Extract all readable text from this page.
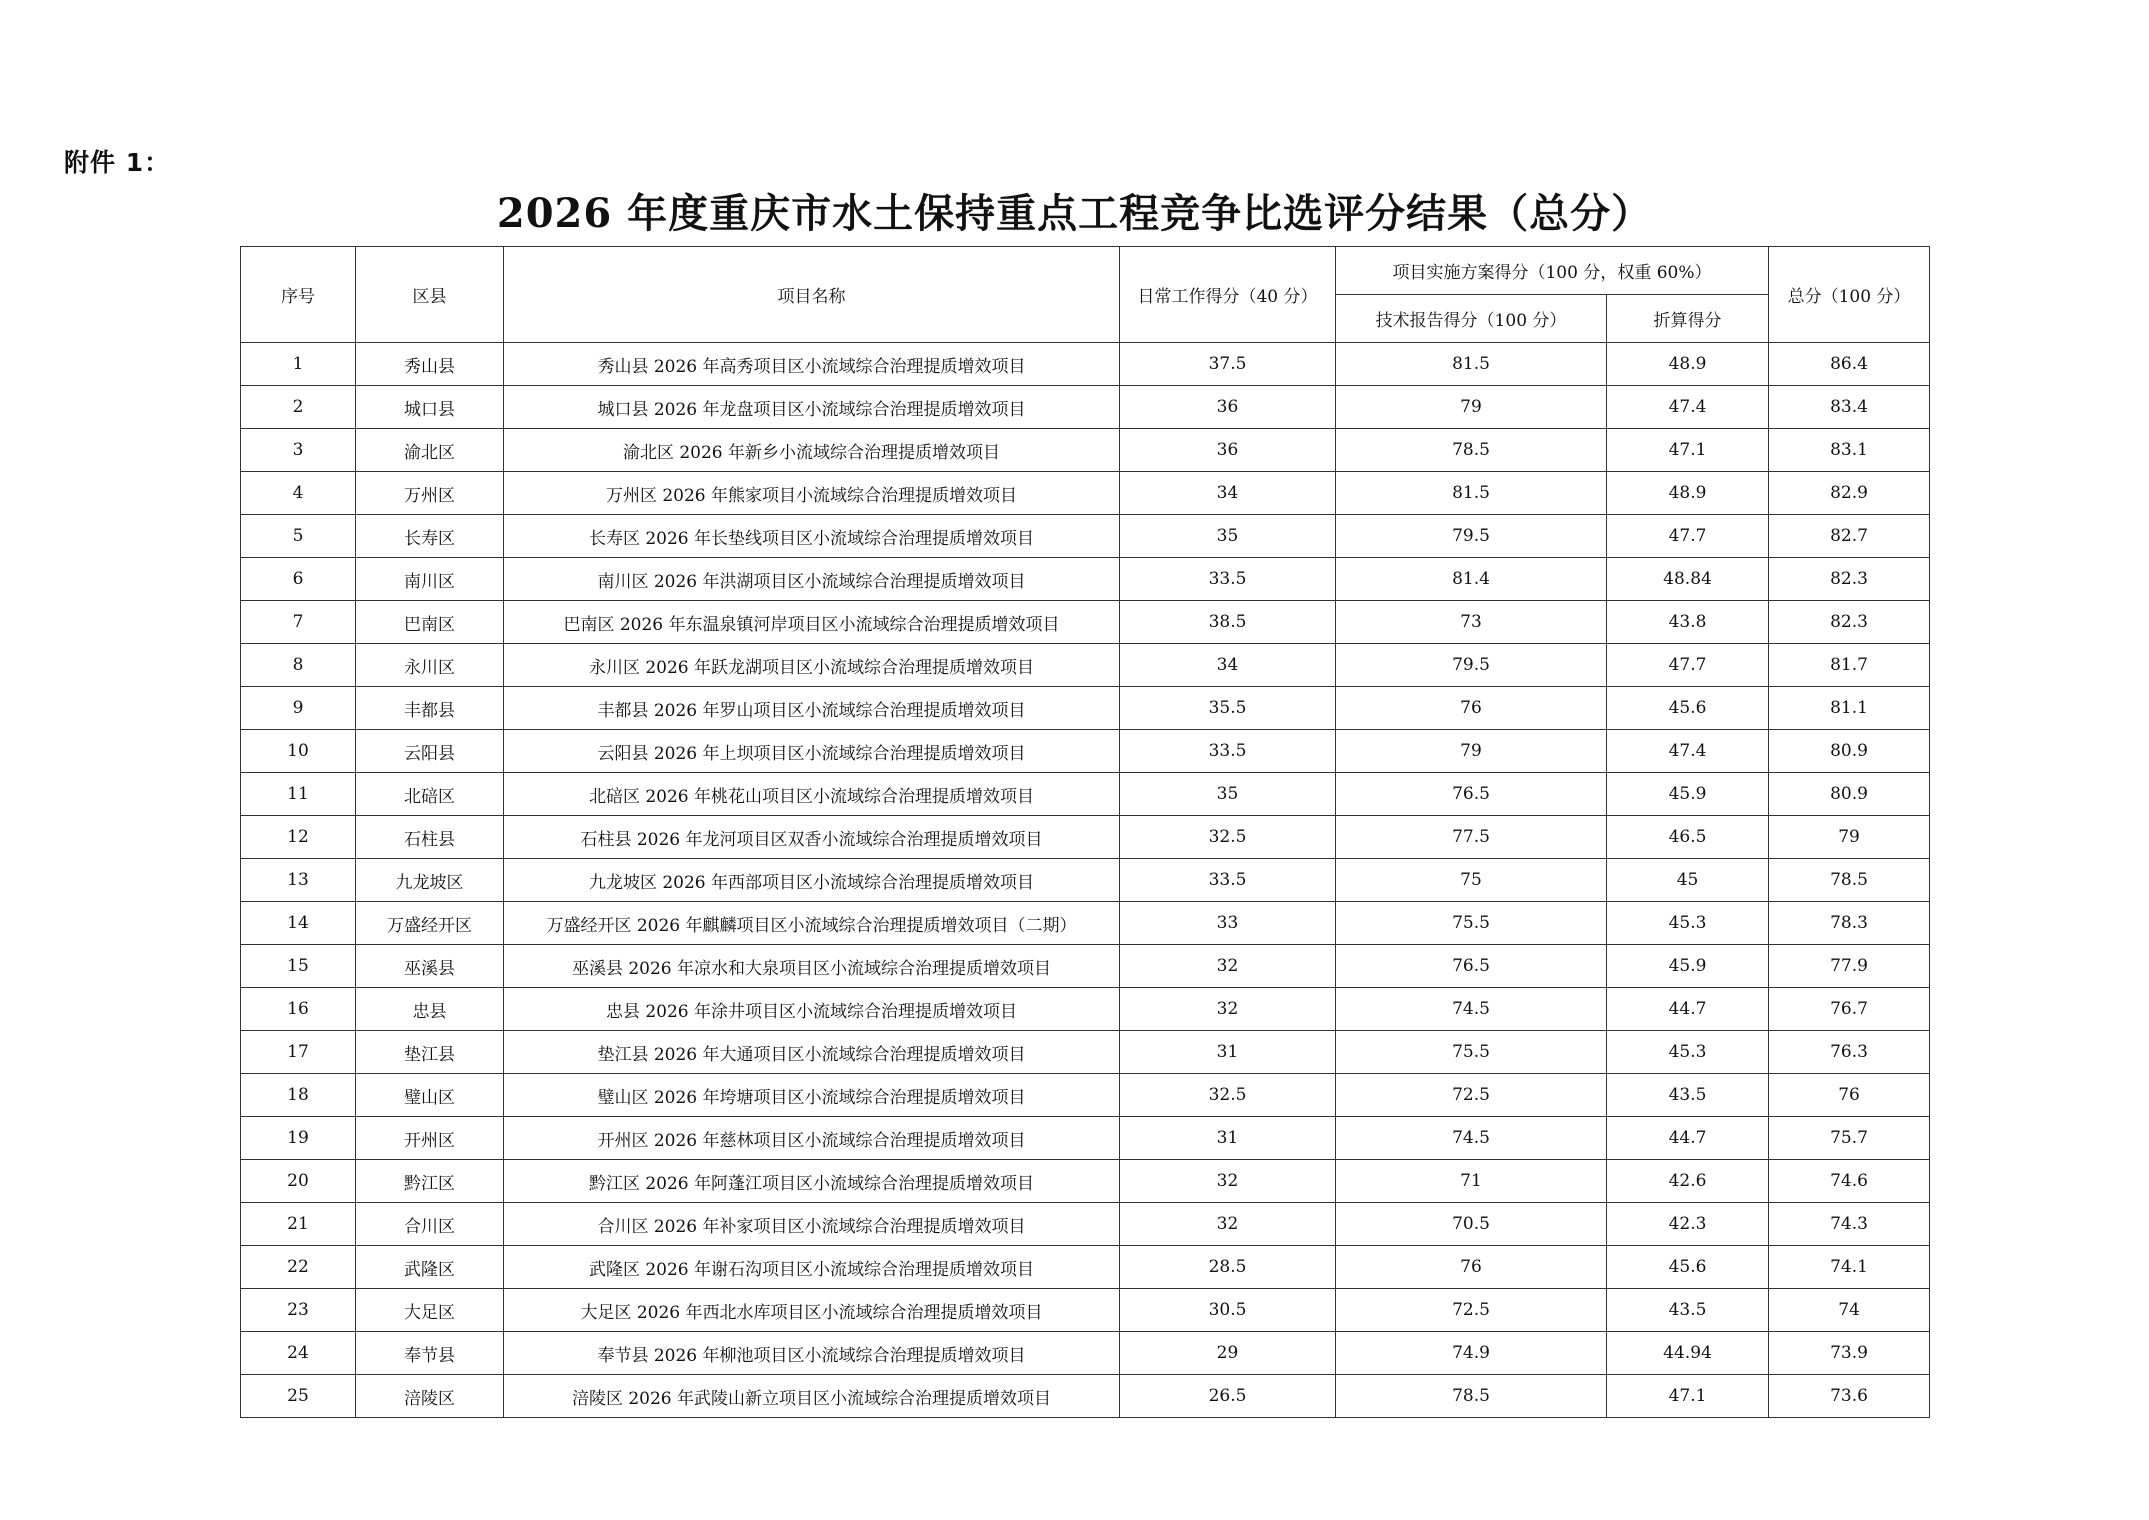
附件 1：
2026 年度重庆市水土保持重点工程竞争比选评分结果（总分）
序号	区县	项目名称	日常工作得分（40 分）	项目实施方案得分（100 分，权重 60%）		总分（100 分）
				技术报告得分（100 分）	折算得分	
1	秀山县	秀山县 2026 年高秀项目区小流域综合治理提质增效项目	37.5	81.5	48.9	86.4
2	城口县	城口县 2026 年龙盘项目区小流域综合治理提质增效项目	36	79	47.4	83.4
3	渝北区	渝北区 2026 年新乡小流域综合治理提质增效项目	36	78.5	47.1	83.1
4	万州区	万州区 2026 年熊家项目小流域综合治理提质增效项目	34	81.5	48.9	82.9
5	长寿区	长寿区 2026 年长垫线项目区小流域综合治理提质增效项目	35	79.5	47.7	82.7
6	南川区	南川区 2026 年洪湖项目区小流域综合治理提质增效项目	33.5	81.4	48.84	82.3
7	巴南区	巴南区 2026 年东温泉镇河岸项目区小流域综合治理提质增效项目	38.5	73	43.8	82.3
8	永川区	永川区 2026 年跃龙湖项目区小流域综合治理提质增效项目	34	79.5	47.7	81.7
9	丰都县	丰都县 2026 年罗山项目区小流域综合治理提质增效项目	35.5	76	45.6	81.1
10	云阳县	云阳县 2026 年上坝项目区小流域综合治理提质增效项目	33.5	79	47.4	80.9
11	北碚区	北碚区 2026 年桃花山项目区小流域综合治理提质增效项目	35	76.5	45.9	80.9
12	石柱县	石柱县 2026 年龙河项目区双香小流域综合治理提质增效项目	32.5	77.5	46.5	79
13	九龙坡区	九龙坡区 2026 年西部项目区小流域综合治理提质增效项目	33.5	75	45	78.5
14	万盛经开区	万盛经开区 2026 年麒麟项目区小流域综合治理提质增效项目（二期）	33	75.5	45.3	78.3
15	巫溪县	巫溪县 2026 年凉水和大泉项目区小流域综合治理提质增效项目	32	76.5	45.9	77.9
16	忠县	忠县 2026 年涂井项目区小流域综合治理提质增效项目	32	74.5	44.7	76.7
17	垫江县	垫江县 2026 年大通项目区小流域综合治理提质增效项目	31	75.5	45.3	76.3
18	璧山区	璧山区 2026 年垮塘项目区小流域综合治理提质增效项目	32.5	72.5	43.5	76
19	开州区	开州区 2026 年慈林项目区小流域综合治理提质增效项目	31	74.5	44.7	75.7
20	黔江区	黔江区 2026 年阿蓬江项目区小流域综合治理提质增效项目	32	71	42.6	74.6
21	合川区	合川区 2026 年补家项目区小流域综合治理提质增效项目	32	70.5	42.3	74.3
22	武隆区	武隆区 2026 年谢石沟项目区小流域综合治理提质增效项目	28.5	76	45.6	74.1
23	大足区	大足区 2026 年西北水库项目区小流域综合治理提质增效项目	30.5	72.5	43.5	74
24	奉节县	奉节县 2026 年柳池项目区小流域综合治理提质增效项目	29	74.9	44.94	73.9
25	涪陵区	涪陵区 2026 年武陵山新立项目区小流域综合治理提质增效项目	26.5	78.5	47.1	73.6
